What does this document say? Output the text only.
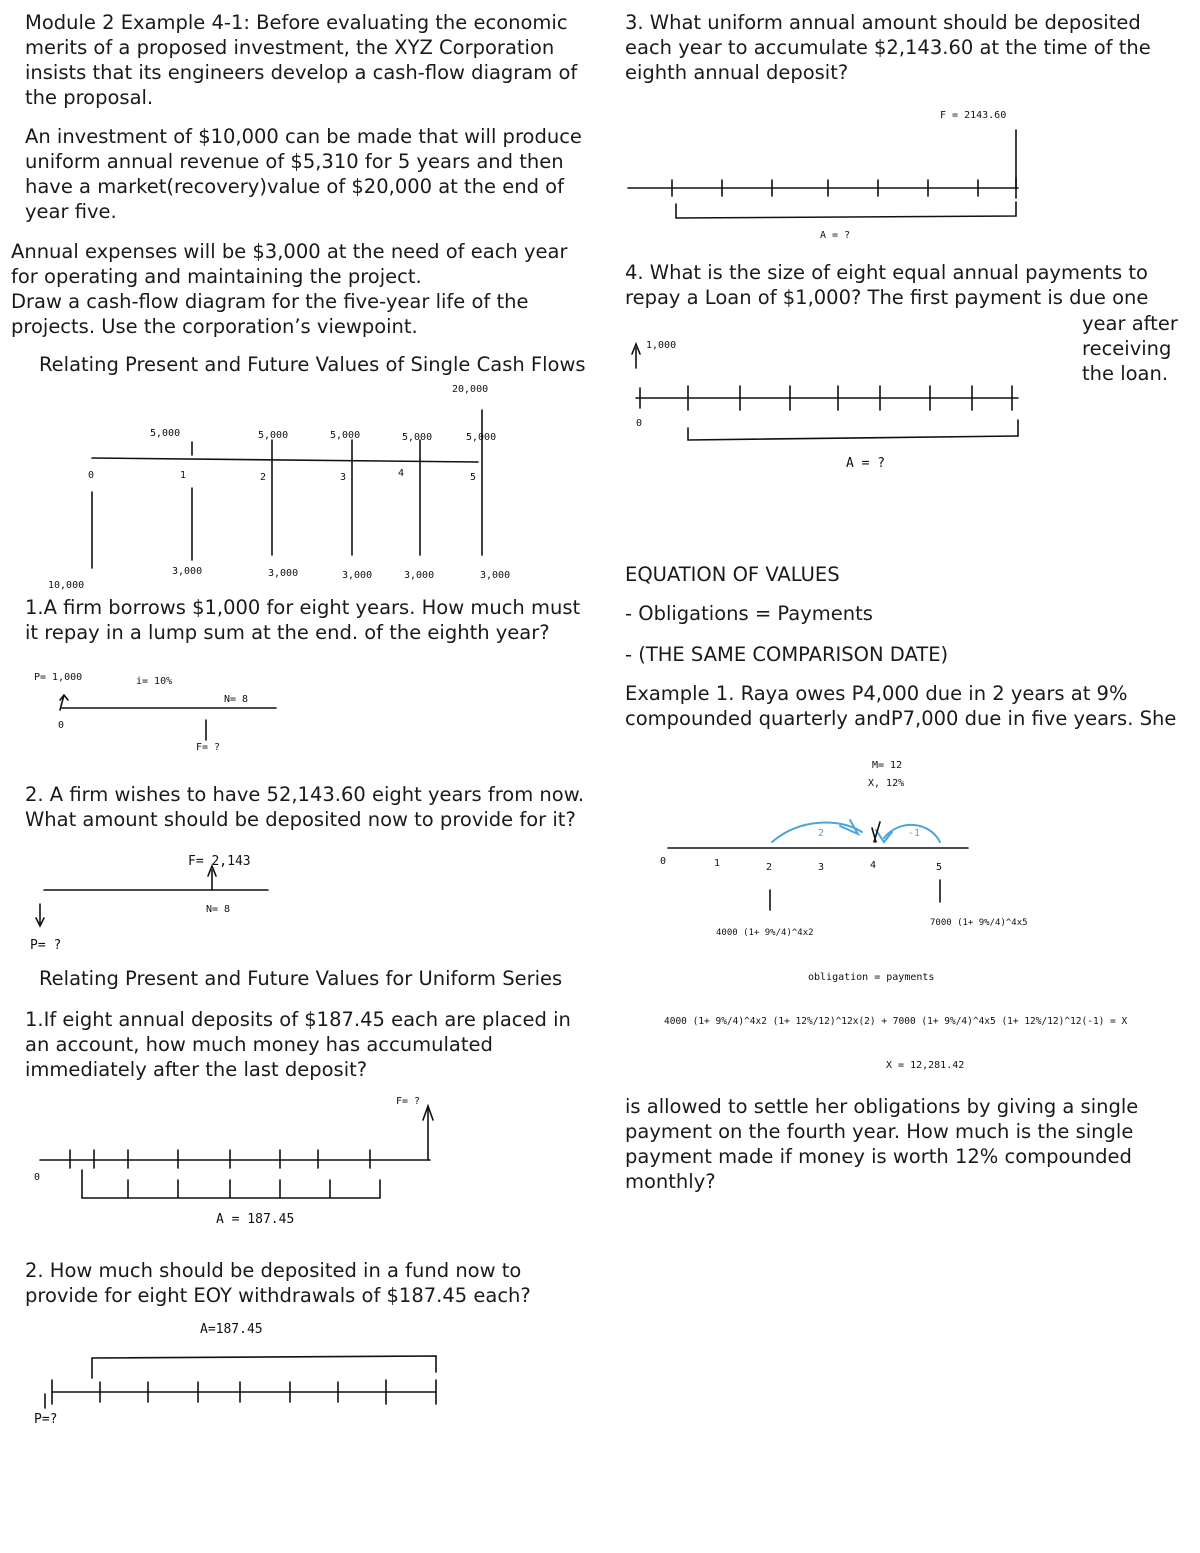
Module 2 Example 4-1: Before evaluating the economic merits of a proposed investment, the XYZ Corporation insists that its engineers develop a cash-flow diagram of the proposal.
An investment of $10,000 can be made that will produce uniform annual revenue of $5,310 for 5 years and then have a market(recovery)value of $20,000 at the end of year five.
Annual expenses will be $3,000 at the need of each year for operating and maintaining the project.
Draw a cash-flow diagram for the five-year life of the projects. Use the corporation’s viewpoint.
Relating Present and Future Values of Single Cash Flows
1.A firm borrows $1,000 for eight years. How much must it repay in a lump sum at the end. of the eighth year?
2. A firm wishes to have 52,143.60 eight years from now. What amount should be deposited now to provide for it?
Relating Present and Future Values for Uniform Series
1.If eight annual deposits of $187.45 each are placed in an account, how much money has accumulated immediately after the last deposit?
2. How much should be deposited in a fund now to provide for eight EOY withdrawals of $187.45 each?
3. What uniform annual amount should be deposited each year to accumulate $2,143.60 at the time of the eighth annual deposit?
4. What is the size of eight equal annual payments to repay a Loan of $1,000? The first payment is due one
year after
receiving
the loan.
EQUATION OF VALUES
- Obligations = Payments
- (THE SAME COMPARISON DATE)
Example 1. Raya owes P4,000 due in 2 years at 9% compounded quarterly andP7,000 due in five years. She
is allowed to settle her obligations by giving a single payment on the fourth year. How much is the single payment made if money is worth 12% compounded monthly?
5,000	5,000	5,000	5,000	5,000
20,000
0	1	2	3	4	5
3,000	3,000	3,000	3,000	3,000
10,000
P= 1,000	i= 10%
N= 8
0
F= ?
F= 2,143
N= 8
P= ?
F= ?
0
A = 187.45
A=187.45
P=?
F = 2143.60
A = ?
1,000
0
A = ?
M= 12
X, 12%
0	1	2	3	4	5
2	-1
4000 (1+ 9%/4)^4x2
7000 (1+ 9%/4)^4x5
obligation = payments
4000 (1+ 9%/4)^4x2 (1+ 12%/12)^12x(2) + 7000 (1+ 9%/4)^4x5 (1+ 12%/12)^12(-1) = X
X = 12,281.42
